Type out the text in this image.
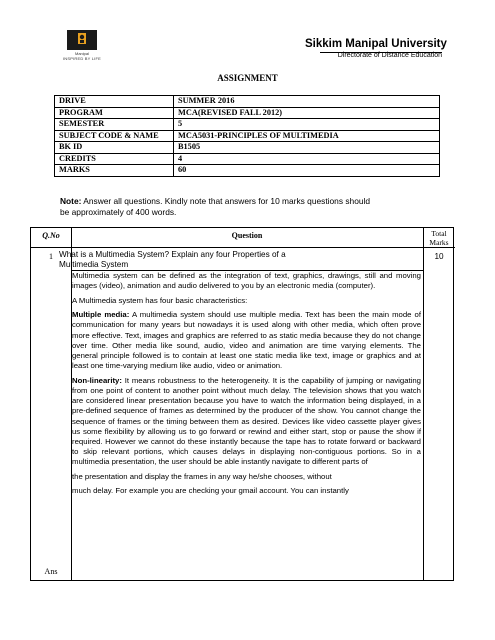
Manipal
INSPIRED BY LIFE
Sikkim Manipal University
Directorate of Distance Education
ASSIGNMENT
DRIVE	SUMMER 2016
PROGRAM	MCA(REVISED FALL 2012)
SEMESTER	5
SUBJECT CODE & NAME	MCA5031-PRINCIPLES OF MULTIMEDIA
BK ID	B1505
CREDITS	4
MARKS	60
Note: Answer all questions. Kindly note that answers for 10 marks questions should
be approximately of 400 words.
Q.No	Question	Total
Marks
1 What is a Multimedia System? Explain any four Properties of a
Multimedia System
10

Multimedia system can be defined as the integration of text, graphics, drawings, still and moving images (video), animation and audio delivered to you by an electronic media (computer).

A Multimedia system has four basic characteristics:

Multiple media: A multimedia system should use multiple media. Text has been the main mode of communication for many years but nowadays it is used along with other media, which often prove more effective. Text, images and graphics are referred to as static media because they do not change over time. Other media like sound, audio, video and animation are time varying elements. The general principle followed is to contain at least one static media like text, image or graphics and at least one time-varying medium like audio, video or animation.

Non-linearity: It means robustness to the heterogeneity. It is the capability of jumping or navigating from one point of content to another point without much delay. The television shows that you watch are considered linear presentation because you have to watch the information being displayed, in a pre-defined sequence of frames as determined by the producer of the show. You cannot change the sequence of frames or the timing between them as desired. Devices like video cassette player gives us some flexibility by allowing us to go forward or rewind and either start, stop or pause the show if required. However we cannot do these instantly because the tape has to rotate forward or backward to skip relevant portions, which causes delays in displaying non-contiguous portions. So in a multimedia presentation, the user should be able instantly navigate to different parts of

the presentation and display the frames in any way he/she chooses, without

much delay. For example you are checking your gmail account. You can instantly

Ans
